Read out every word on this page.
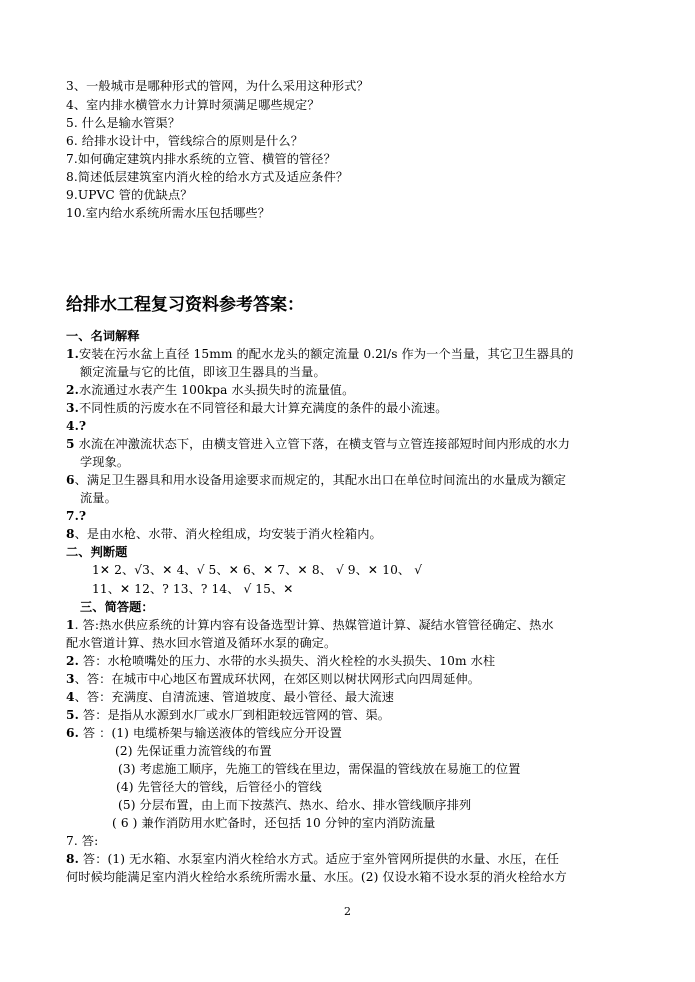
3、一般城市是哪种形式的管网，为什么采用这种形式？
4、室内排水横管水力计算时须满足哪些规定？
5. 什么是输水管渠？
6. 给排水设计中，管线综合的原则是什么？
7.如何确定建筑内排水系统的立管、横管的管径？
8.简述低层建筑室内消火栓的给水方式及适应条件？
9.UPVC 管的优缺点？
10.室内给水系统所需水压包括哪些？
给排水工程复习资料参考答案：
一、名词解释
1.安装在污水盆上直径 15mm 的配水龙头的额定流量 0.2l/s 作为一个当量，其它卫生器具的
额定流量与它的比值，即该卫生器具的当量。
2.水流通过水表产生 100kpa 水头损失时的流量值。
3.不同性质的污废水在不同管径和最大计算充满度的条件的最小流速。
4.?
5 水流在冲激流状态下，由横支管进入立管下落，在横支管与立管连接部短时间内形成的水力
学现象。
6、满足卫生器具和用水设备用途要求而规定的，其配水出口在单位时间流出的水量成为额定
流量。
7.?
8、是由水枪、水带、消火栓组成，均安装于消火栓箱内。
二、判断题
1✕ 2、√3、✕ 4、√ 5、✕ 6、✕ 7、✕ 8、 √ 9、✕ 10、 √
11、✕ 12、? 13、? 14、 √ 15、✕
三、简答题：
1. 答:热水供应系统的计算内容有设备选型计算、热媒管道计算、凝结水管管径确定、热水
配水管道计算、热水回水管道及循环水泵的确定。
2. 答：水枪喷嘴处的压力、水带的水头损失、消火栓栓的水头损失、10m 水柱
3、答：在城市中心地区布置成环状网，在郊区则以树状网形式向四周延伸。
4、答：充满度、自清流速、管道坡度、最小管径、最大流速
5. 答：是指从水源到水厂或水厂到相距较远管网的管、渠。
6. 答 ：(1) 电缆桥架与输送液体的管线应分开设置
(2) 先保证重力流管线的布置
(3) 考虑施工顺序，先施工的管线在里边，需保温的管线放在易施工的位置
(4) 先管径大的管线，后管径小的管线
(5) 分层布置，由上而下按蒸汽、热水、给水、排水管线顺序排列
( 6 ) 兼作消防用水贮备时，还包括 10 分钟的室内消防流量
7. 答:
8. 答：(1) 无水箱、水泵室内消火栓给水方式。适应于室外管网所提供的水量、水压，在任
何时候均能满足室内消火栓给水系统所需水量、水压。(2) 仅设水箱不设水泵的消火栓给水方
2
